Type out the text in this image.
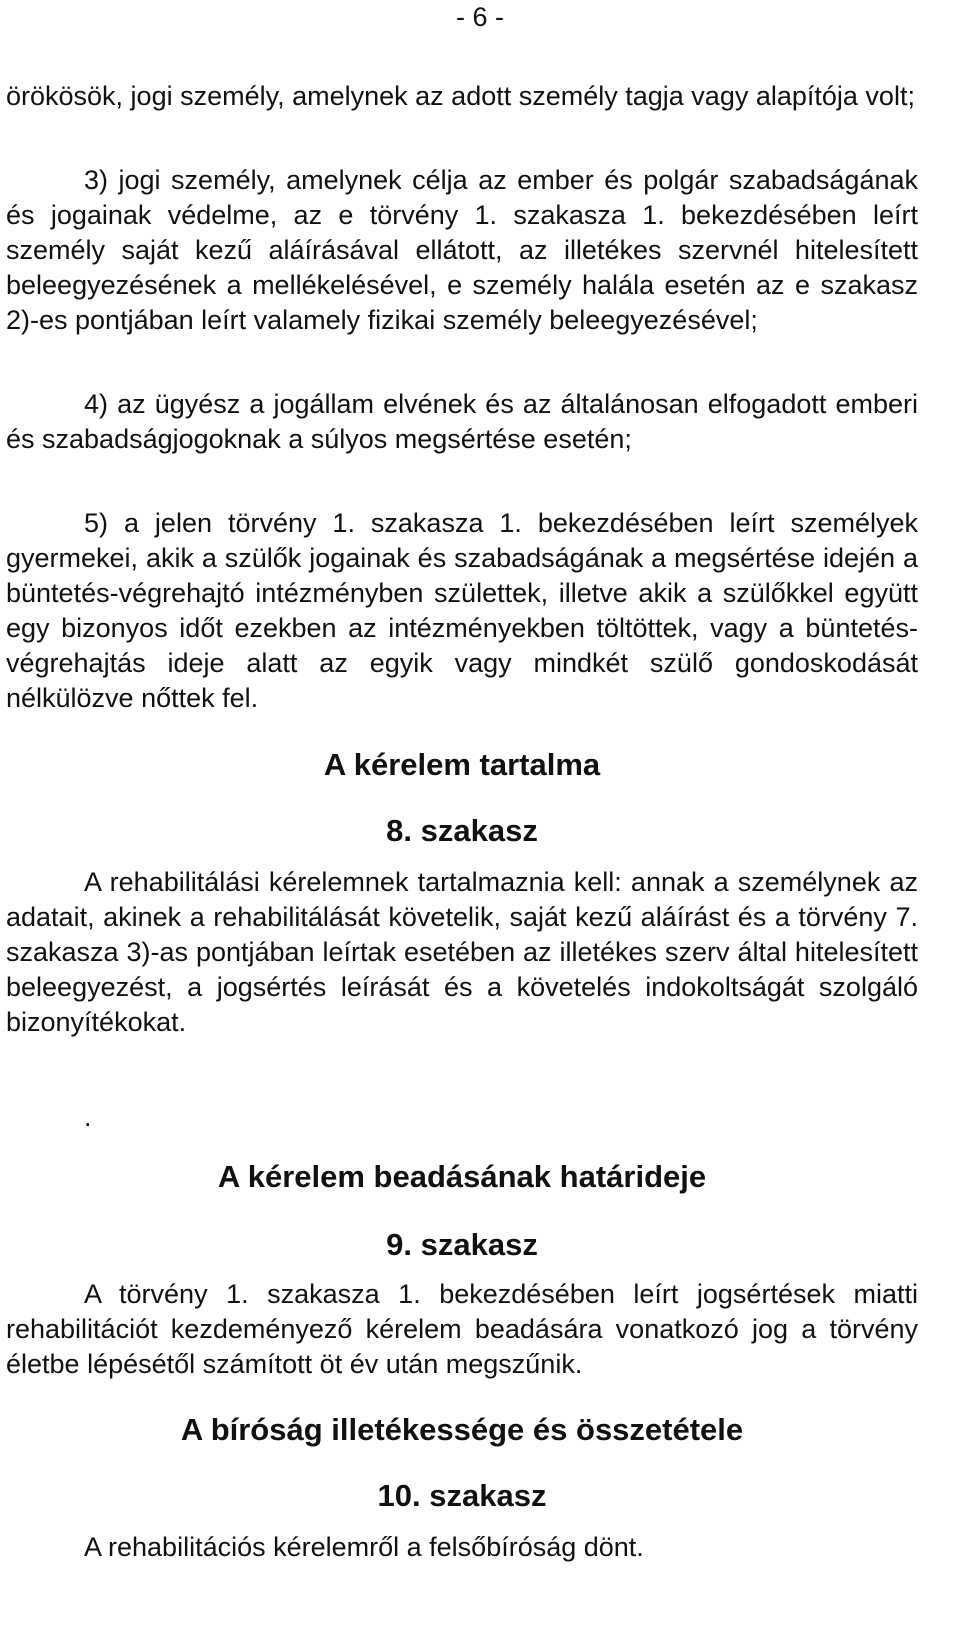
- 6 -

örökösök, jogi személy, amelynek az adott személy tagja vagy alapítója volt;

3) jogi személy, amelynek célja az ember és polgár szabadságának és jogainak védelme, az e törvény 1. szakasza 1. bekezdésében leírt személy saját kezű aláírásával ellátott, az illetékes szervnél hitelesített beleegyezésének a mellékelésével, e személy halála esetén az e szakasz 2)-es pontjában leírt valamely fizikai személy beleegyezésével;

4) az ügyész a jogállam elvének és az általánosan elfogadott emberi és szabadságjogoknak a súlyos megsértése esetén;

5) a jelen törvény 1. szakasza 1. bekezdésében leírt személyek gyermekei, akik a szülők jogainak és szabadságának a megsértése idején a büntetés-végrehajtó intézményben születtek, illetve akik a szülőkkel együtt egy bizonyos időt ezekben az intézményekben töltöttek, vagy a büntetés-végrehajtás ideje alatt az egyik vagy mindkét szülő gondoskodását nélkülözve nőttek fel.

A kérelem tartalma
8. szakasz

A rehabilitálási kérelemnek tartalmaznia kell: annak a személynek az adatait, akinek a rehabilitálását követelik, saját kezű aláírást és a törvény 7. szakasza 3)-as pontjában leírtak esetében az illetékes szerv által hitelesített beleegyezést, a jogsértés leírását és a követelés indokoltságát szolgáló bizonyítékokat.

.

A kérelem beadásának határideje
9. szakasz

A törvény 1. szakasza 1. bekezdésében leírt jogsértések miatti rehabilitációt kezdeményező kérelem beadására vonatkozó jog a törvény életbe lépésétől számított öt év után megszűnik.

A bíróság illetékessége és összetétele
10. szakasz

A rehabilitációs kérelemről a felsőbíróság dönt.
